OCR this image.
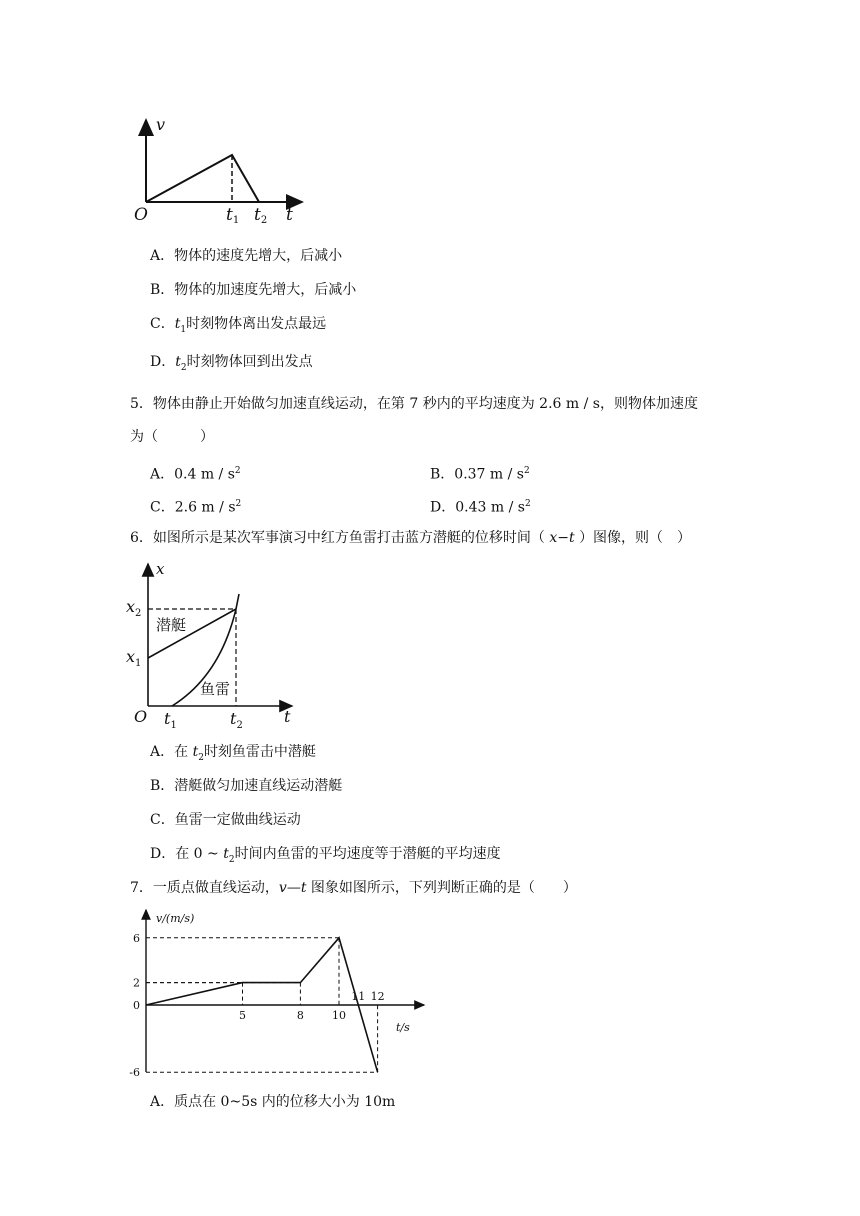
v
O	t1 t2 t
A．物体的速度先增大，后减小
B．物体的加速度先增大，后减小
C．$t_1$时刻物体离出发点最远
D．$t_2$时刻物体回到出发点
5．物体由静止开始做匀加速直线运动，在第 7 秒内的平均速度为 2.6 m / s，则物体加速度
为（　　　）
A．0.4 m / $s^2$	B．0.37 m / $s^2$
C．2.6 m / $s^2$	D．0.43 m / $s^2$
6．如图所示是某次军事演习中红方鱼雷打击蓝方潜艇的位移时间（ x−t ）图像，则（　）
x
$x_2$
$x_1$
O $t_1$	$t_2$	t
潜艇
鱼雷
A．在 $t_2$时刻鱼雷击中潜艇
B．潜艇做匀加速直线运动潜艇
C．鱼雷一定做曲线运动
D．在 0 ~ $t_2$时间内鱼雷的平均速度等于潜艇的平均速度
7．一质点做直线运动，v—t 图象如图所示，下列判断正确的是（　　）
v/(m/s)
t/s
6
2
0
-6
5	8	10
11 12
A．质点在 0~5s 内的位移大小为 10m
